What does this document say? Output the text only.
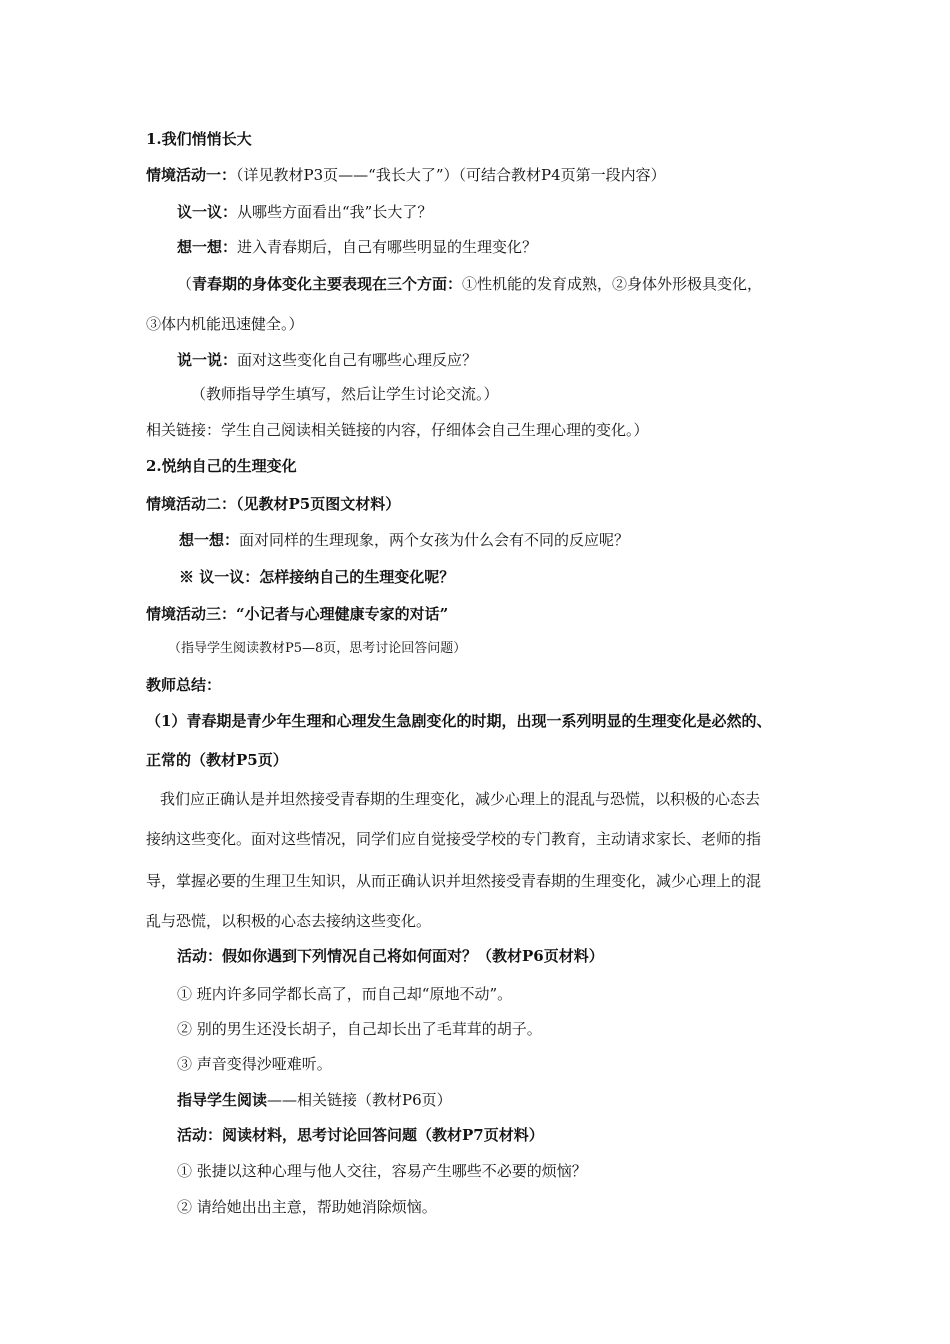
1.我们悄悄长大
情境活动一：（详见教材P3页——“我长大了”）（可结合教材P4页第一段内容）
议一议：从哪些方面看出“我”长大了？
想一想：进入青春期后，自己有哪些明显的生理变化？
（青春期的身体变化主要表现在三个方面：①性机能的发育成熟，②身体外形极具变化，
③体内机能迅速健全。）
说一说：面对这些变化自己有哪些心理反应？
（教师指导学生填写，然后让学生讨论交流。）
相关链接：学生自己阅读相关链接的内容，仔细体会自己生理心理的变化。）
2.悦纳自己的生理变化
情境活动二：（见教材P5页图文材料）
想一想：面对同样的生理现象，两个女孩为什么会有不同的反应呢？
※ 议一议：怎样接纳自己的生理变化呢？
情境活动三：“小记者与心理健康专家的对话”
（指导学生阅读教材P5—8页，思考讨论回答问题）
教师总结：
（1）青春期是青少年生理和心理发生急剧变化的时期，出现一系列明显的生理变化是必然的、
正常的（教材P5页）
我们应正确认是并坦然接受青春期的生理变化，减少心理上的混乱与恐慌，以积极的心态去
接纳这些变化。面对这些情况，同学们应自觉接受学校的专门教育，主动请求家长、老师的指
导，掌握必要的生理卫生知识，从而正确认识并坦然接受青春期的生理变化，减少心理上的混
乱与恐慌，以积极的心态去接纳这些变化。
活动：假如你遇到下列情况自己将如何面对？（教材P6页材料）
① 班内许多同学都长高了，而自己却“原地不动”。
② 别的男生还没长胡子，自己却长出了毛茸茸的胡子。
③ 声音变得沙哑难听。
指导学生阅读——相关链接（教材P6页）
活动：阅读材料，思考讨论回答问题（教材P7页材料）
① 张捷以这种心理与他人交往，容易产生哪些不必要的烦恼？
② 请给她出出主意，帮助她消除烦恼。
